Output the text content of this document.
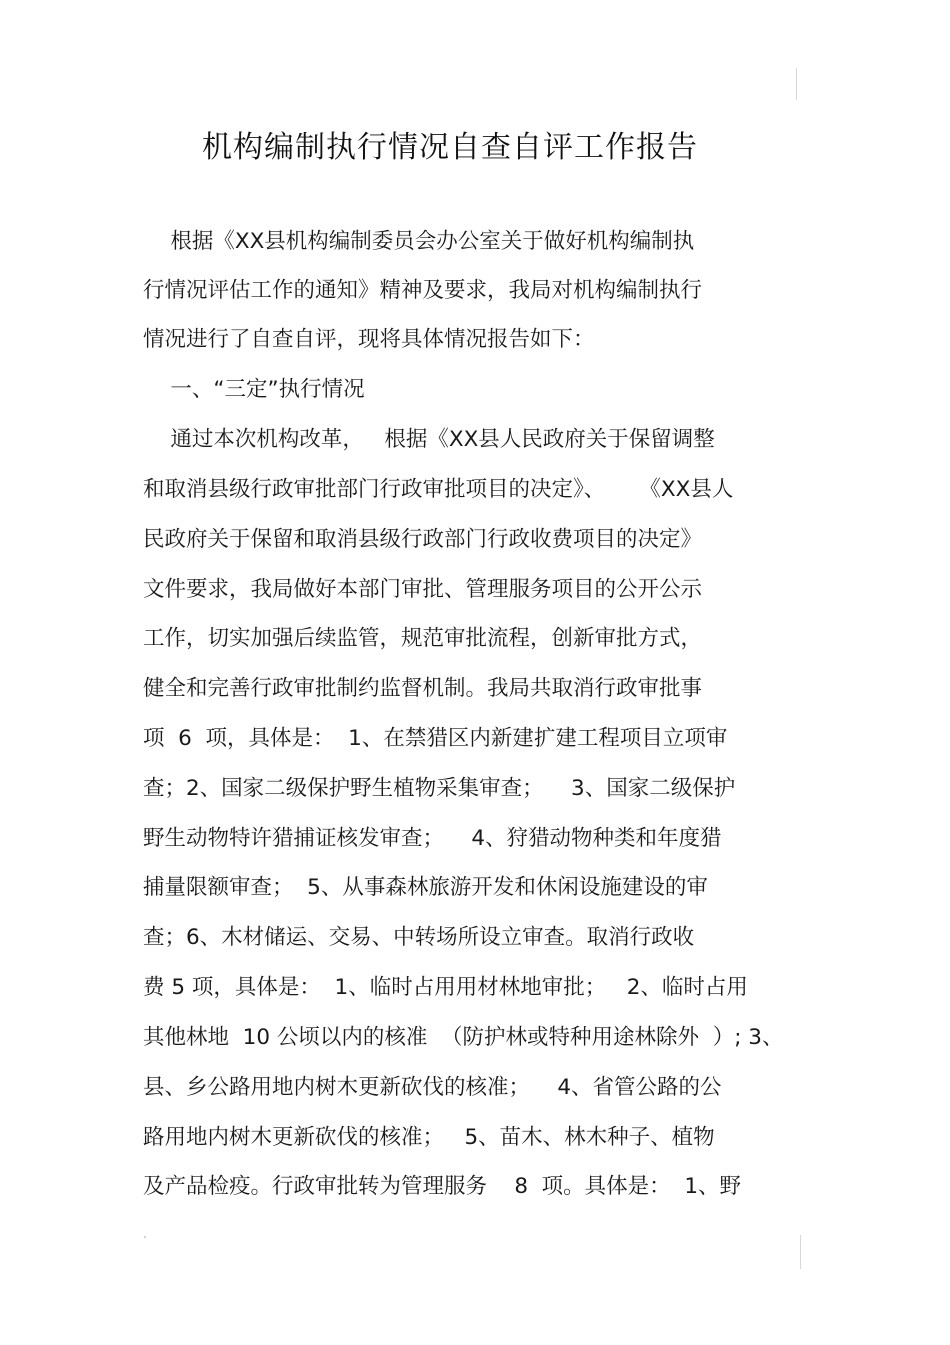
机构编制执行情况自查自评工作报告
根据《XX县机构编制委员会办公室关于做好机构编制执
行情况评估工作的通知》精神及要求，我局对机构编制执行
情况进行了自查自评，现将具体情况报告如下：
一、“三定”执行情况
通过本次机构改革，   根据《XX县人民政府关于保留调整
和取消县级行政审批部门行政审批项目的决定》、     《XX县人
民政府关于保留和取消县级行政部门行政收费项目的决定》
文件要求，我局做好本部门审批、管理服务项目的公开公示
工作，切实加强后续监管，规范审批流程，创新审批方式，
健全和完善行政审批制约监督机制。我局共取消行政审批事
项  6  项，具体是：  1、在禁猎区内新建扩建工程项目立项审
查；2、国家二级保护野生植物采集审查；    3、国家二级保护
野生动物特许猎捕证核发审查；    4、狩猎动物种类和年度猎
捕量限额审查；  5、从事森林旅游开发和休闲设施建设的审
查；6、木材储运、交易、中转场所设立审查。取消行政收
费 5 项，具体是：  1、临时占用用材林地审批；   2、临时占用
其他林地  10 公顷以内的核准  （防护林或特种用途林除外  ）; 3、
县、乡公路用地内树木更新砍伐的核准；    4、省管公路的公
路用地内树木更新砍伐的核准；   5、苗木、林木种子、植物
及产品检疫。行政审批转为管理服务    8  项。具体是：  1、野
